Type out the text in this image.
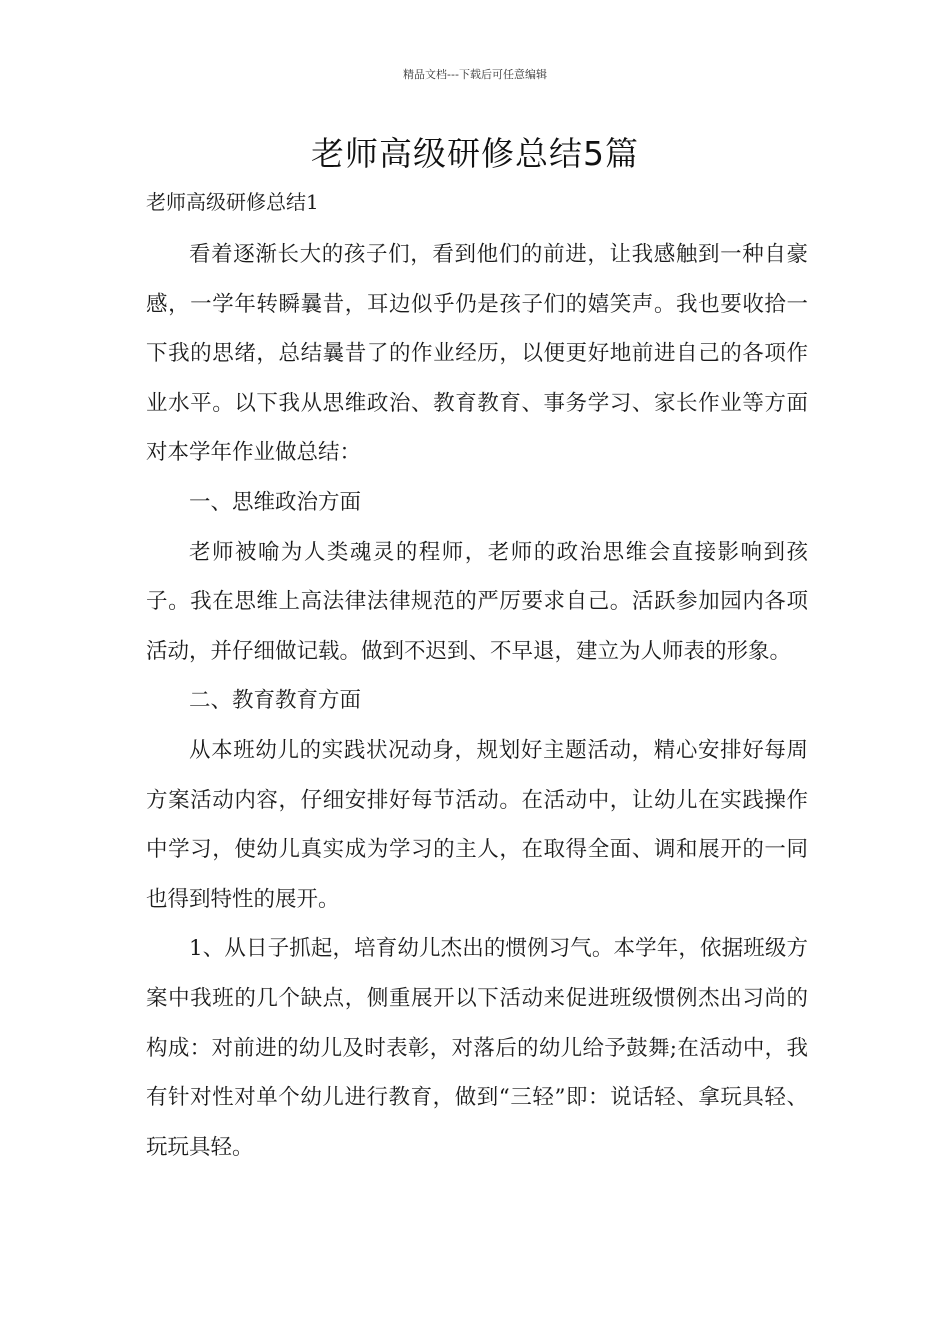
精品文档---下载后可任意编辑
老师高级研修总结5篇
老师高级研修总结1

看着逐渐长大的孩子们，看到他们的前进，让我感触到一种自豪感，一学年转瞬曩昔，耳边似乎仍是孩子们的嬉笑声。我也要收拾一下我的思绪，总结曩昔了的作业经历，以便更好地前进自己的各项作业水平。以下我从思维政治、教育教育、事务学习、家长作业等方面对本学年作业做总结：

一、思维政治方面

老师被喻为人类魂灵的程师，老师的政治思维会直接影响到孩子。我在思维上高法律法律规范的严厉要求自己。活跃参加园内各项活动，并仔细做记载。做到不迟到、不早退，建立为人师表的形象。

二、教育教育方面

从本班幼儿的实践状况动身，规划好主题活动，精心安排好每周方案活动内容，仔细安排好每节活动。在活动中，让幼儿在实践操作中学习，使幼儿真实成为学习的主人，在取得全面、调和展开的一同也得到特性的展开。

1、从日子抓起，培育幼儿杰出的惯例习气。本学年，依据班级方案中我班的几个缺点，侧重展开以下活动来促进班级惯例杰出习尚的构成：对前进的幼儿及时表彰，对落后的幼儿给予鼓舞;在活动中，我有针对性对单个幼儿进行教育，做到“三轻”即：说话轻、拿玩具轻、玩玩具轻。
